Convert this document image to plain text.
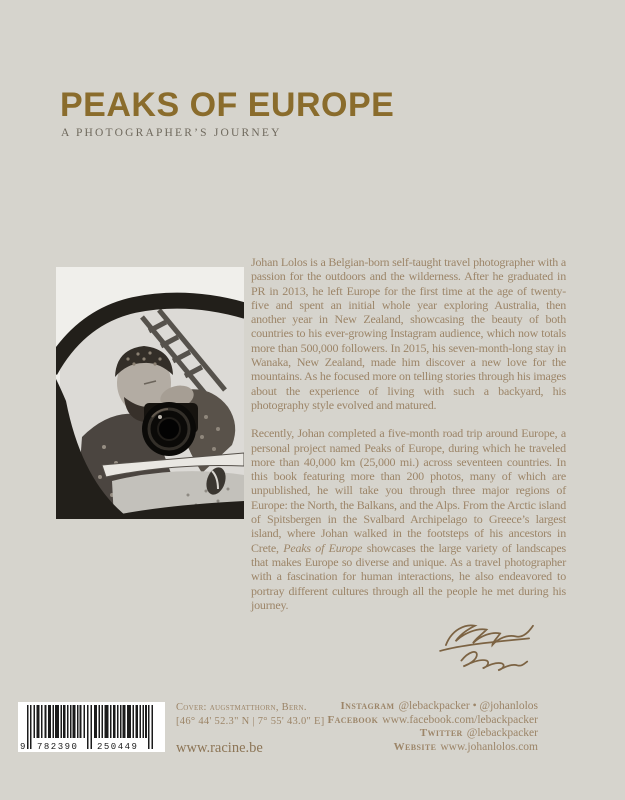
PEAKS OF EUROPE
A PHOTOGRAPHER’S JOURNEY

Johan Lolos is a Belgian-born self-taught travel photographer with a passion for the outdoors and the wilderness. After he graduated in PR in 2013, he left Europe for the first time at the age of twenty-five and spent an initial whole year exploring Australia, then another year in New Zealand, showcasing the beauty of both countries to his ever-growing Instagram audience, which now totals more than 500,000 followers. In 2015, his seven-month-long stay in Wanaka, New Zealand, made him discover a new love for the mountains. As he focused more on telling stories through his images about the experience of living with such a backyard, his photography style evolved and matured.

Recently, Johan completed a five-month road trip around Europe, a personal project named Peaks of Europe, during which he traveled more than 40,000 km (25,000 mi.) across seventeen countries. In this book featuring more than 200 photos, many of which are unpublished, he will take you through three major regions of Europe: the North, the Balkans, and the Alps. From the Arctic island of Spitsbergen in the Svalbard Archipelago to Greece’s largest island, where Johan walked in the footsteps of his ancestors in Crete, Peaks of Europe showcases the large variety of landscapes that makes Europe so diverse and unique. As a travel photographer with a fascination for human interactions, he also endeavored to portray different cultures through all the people he met during his journey.

9 782390 250449
Cover: augstmatthorn, Bern.
[46° 44' 52.3" N | 7° 55' 43.0" E]
www.racine.be
Instagram @lebackpacker • @johanlolos
Facebook www.facebook.com/lebackpacker
Twitter @lebackpacker
Website www.johanlolos.com
